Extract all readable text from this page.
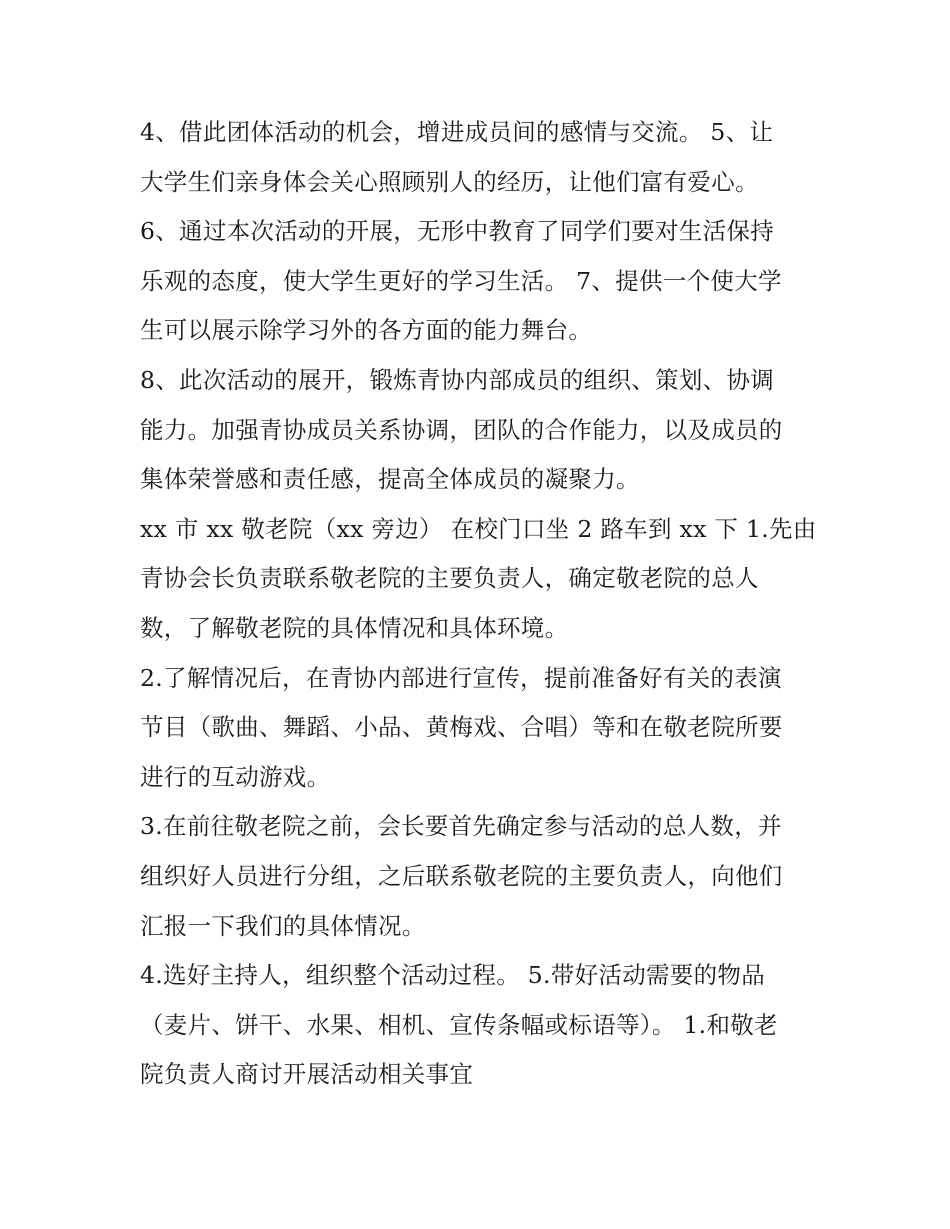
4、借此团体活动的机会，增进成员间的感情与交流。 5、让
大学生们亲身体会关心照顾别人的经历，让他们富有爱心。
6、通过本次活动的开展，无形中教育了同学们要对生活保持
乐观的态度，使大学生更好的学习生活。 7、提供一个使大学
生可以展示除学习外的各方面的能力舞台。
8、此次活动的展开，锻炼青协内部成员的组织、策划、协调
能力。加强青协成员关系协调，团队的合作能力，以及成员的
集体荣誉感和责任感，提高全体成员的凝聚力。
xx 市 xx 敬老院（xx 旁边） 在校门口坐 2 路车到 xx 下 1.先由
青协会长负责联系敬老院的主要负责人，确定敬老院的总人
数，了解敬老院的具体情况和具体环境。
2.了解情况后，在青协内部进行宣传，提前准备好有关的表演
节目（歌曲、舞蹈、小品、黄梅戏、合唱）等和在敬老院所要
进行的互动游戏。
3.在前往敬老院之前，会长要首先确定参与活动的总人数，并
组织好人员进行分组，之后联系敬老院的主要负责人，向他们
汇报一下我们的具体情况。
4.选好主持人，组织整个活动过程。 5.带好活动需要的物品
（麦片、饼干、水果、相机、宣传条幅或标语等）。 1.和敬老
院负责人商讨开展活动相关事宜
